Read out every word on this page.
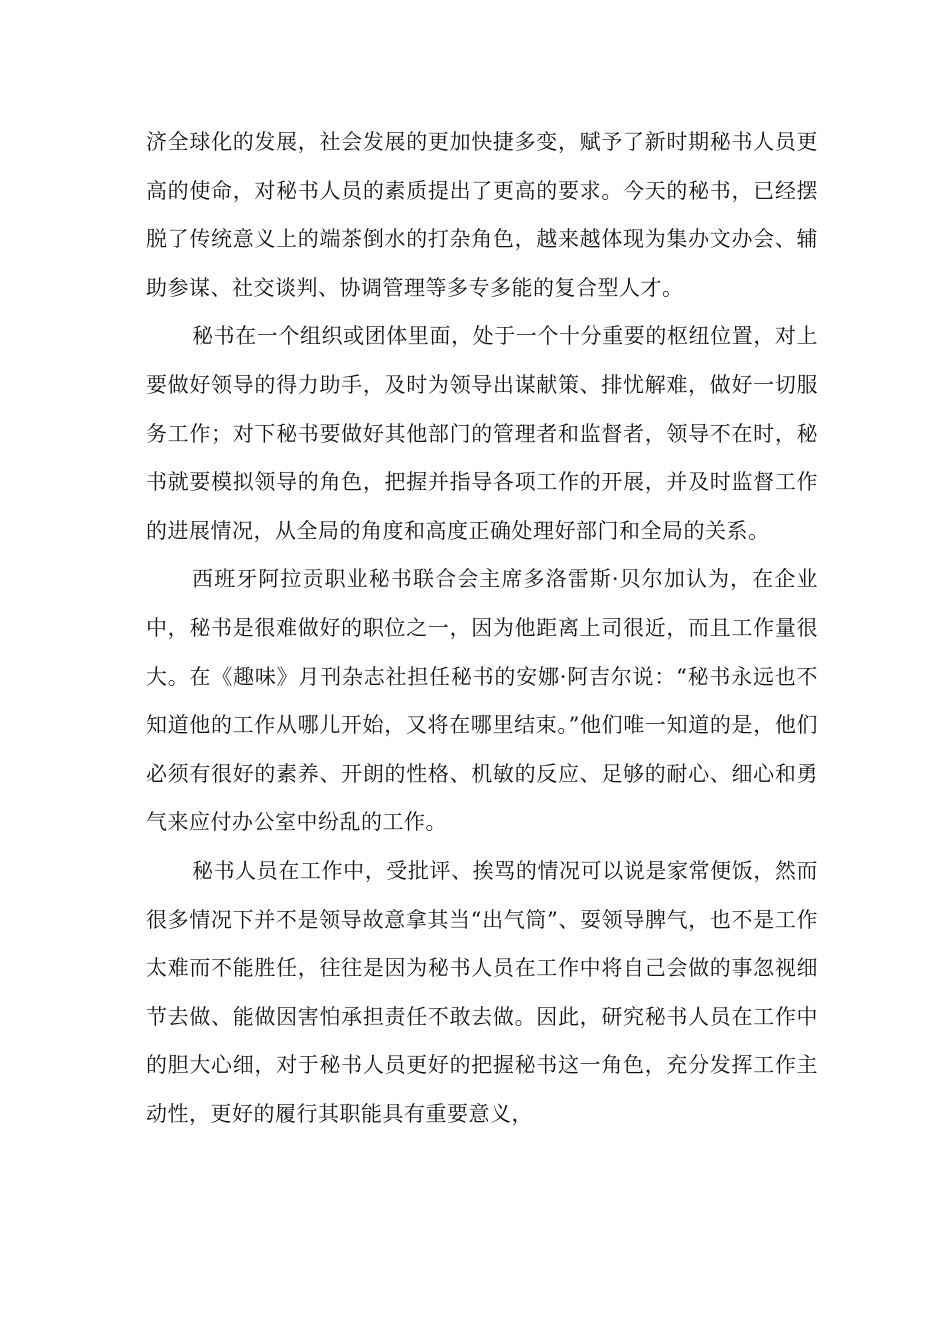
济全球化的发展，社会发展的更加快捷多变，赋予了新时期秘书人员更高的使命，对秘书人员的素质提出了更高的要求。今天的秘书，已经摆脱了传统意义上的端茶倒水的打杂角色，越来越体现为集办文办会、辅助参谋、社交谈判、协调管理等多专多能的复合型人才。

秘书在一个组织或团体里面，处于一个十分重要的枢纽位置，对上要做好领导的得力助手，及时为领导出谋献策、排忧解难，做好一切服务工作；对下秘书要做好其他部门的管理者和监督者，领导不在时，秘书就要模拟领导的角色，把握并指导各项工作的开展，并及时监督工作的进展情况，从全局的角度和高度正确处理好部门和全局的关系。

西班牙阿拉贡职业秘书联合会主席多洛雷斯·贝尔加认为，在企业中，秘书是很难做好的职位之一，因为他距离上司很近，而且工作量很大。在《趣味》月刊杂志社担任秘书的安娜·阿吉尔说：“秘书永远也不知道他的工作从哪儿开始，又将在哪里结束。”他们唯一知道的是，他们必须有很好的素养、开朗的性格、机敏的反应、足够的耐心、细心和勇气来应付办公室中纷乱的工作。

秘书人员在工作中，受批评、挨骂的情况可以说是家常便饭，然而很多情况下并不是领导故意拿其当“出气筒”、耍领导脾气，也不是工作太难而不能胜任，往往是因为秘书人员在工作中将自己会做的事忽视细节去做、能做因害怕承担责任不敢去做。因此，研究秘书人员在工作中的胆大心细，对于秘书人员更好的把握秘书这一角色，充分发挥工作主动性，更好的履行其职能具有重要意义，
